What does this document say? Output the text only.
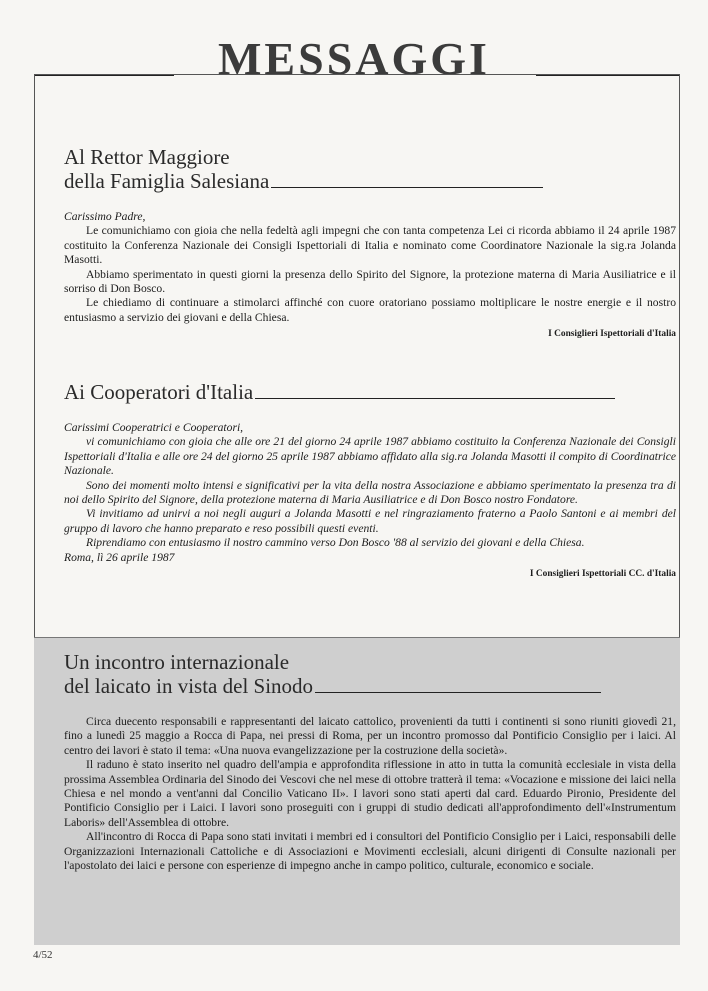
MESSAGGI
Al Rettor Maggiore
della Famiglia Salesiana

Carissimo Padre,

Le comunichiamo con gioia che nella fedeltà agli impegni che con tanta competenza Lei ci ricorda abbiamo il 24 aprile 1987 costituito la Conferenza Nazionale dei Consigli Ispettoriali di Italia e nominato come Coordinatore Nazionale la sig.ra Jolanda Masotti.

Abbiamo sperimentato in questi giorni la presenza dello Spirito del Signore, la protezione materna di Maria Ausiliatrice e il sorriso di Don Bosco.

Le chiediamo di continuare a stimolarci affinché con cuore oratoriano possiamo moltiplicare le nostre energie e il nostro entusiasmo a servizio dei giovani e della Chiesa.

I Consiglieri Ispettoriali d'Italia
Ai Cooperatori d'Italia

Carissimi Cooperatrici e Cooperatori,

vi comunichiamo con gioia che alle ore 21 del giorno 24 aprile 1987 abbiamo costituito la Conferenza Nazionale dei Consigli Ispettoriali d'Italia e alle ore 24 del giorno 25 aprile 1987 abbiamo affidato alla sig.ra Jolanda Masotti il compito di Coordinatrice Nazionale.

Sono dei momenti molto intensi e significativi per la vita della nostra Associazione e abbiamo sperimentato la presenza tra di noi dello Spirito del Signore, della protezione materna di Maria Ausiliatrice e di Don Bosco nostro Fondatore.

Vi invitiamo ad unirvi a noi negli auguri a Jolanda Masotti e nel ringraziamento fraterno a Paolo Santoni e ai membri del gruppo di lavoro che hanno preparato e reso possibili questi eventi.

Riprendiamo con entusiasmo il nostro cammino verso Don Bosco '88 al servizio dei giovani e della Chiesa.

Roma, lì 26 aprile 1987

I Consiglieri Ispettoriali CC. d'Italia
Un incontro internazionale
del laicato in vista del Sinodo

Circa duecento responsabili e rappresentanti del laicato cattolico, provenienti da tutti i continenti si sono riuniti giovedì 21, fino a lunedì 25 maggio a Rocca di Papa, nei pressi di Roma, per un incontro promosso dal Pontificio Consiglio per i laici. Al centro dei lavori è stato il tema: «Una nuova evangelizzazione per la costruzione della società».

Il raduno è stato inserito nel quadro dell'ampia e approfondita riflessione in atto in tutta la comunità ecclesiale in vista della prossima Assemblea Ordinaria del Sinodo dei Vescovi che nel mese di ottobre tratterà il tema: «Vocazione e missione dei laici nella Chiesa e nel mondo a vent'anni dal Concilio Vaticano II». I lavori sono stati aperti dal card. Eduardo Pironio, Presidente del Pontificio Consiglio per i Laici. I lavori sono proseguiti con i gruppi di studio dedicati all'approfondimento dell'«Instrumentum Laboris» dell'Assemblea di ottobre.

All'incontro di Rocca di Papa sono stati invitati i membri ed i consultori del Pontificio Consiglio per i Laici, responsabili delle Organizzazioni Internazionali Cattoliche e di Associazioni e Movimenti ecclesiali, alcuni dirigenti di Consulte nazionali per l'apostolato dei laici e persone con esperienze di impegno anche in campo politico, culturale, economico e sociale.

4/52
